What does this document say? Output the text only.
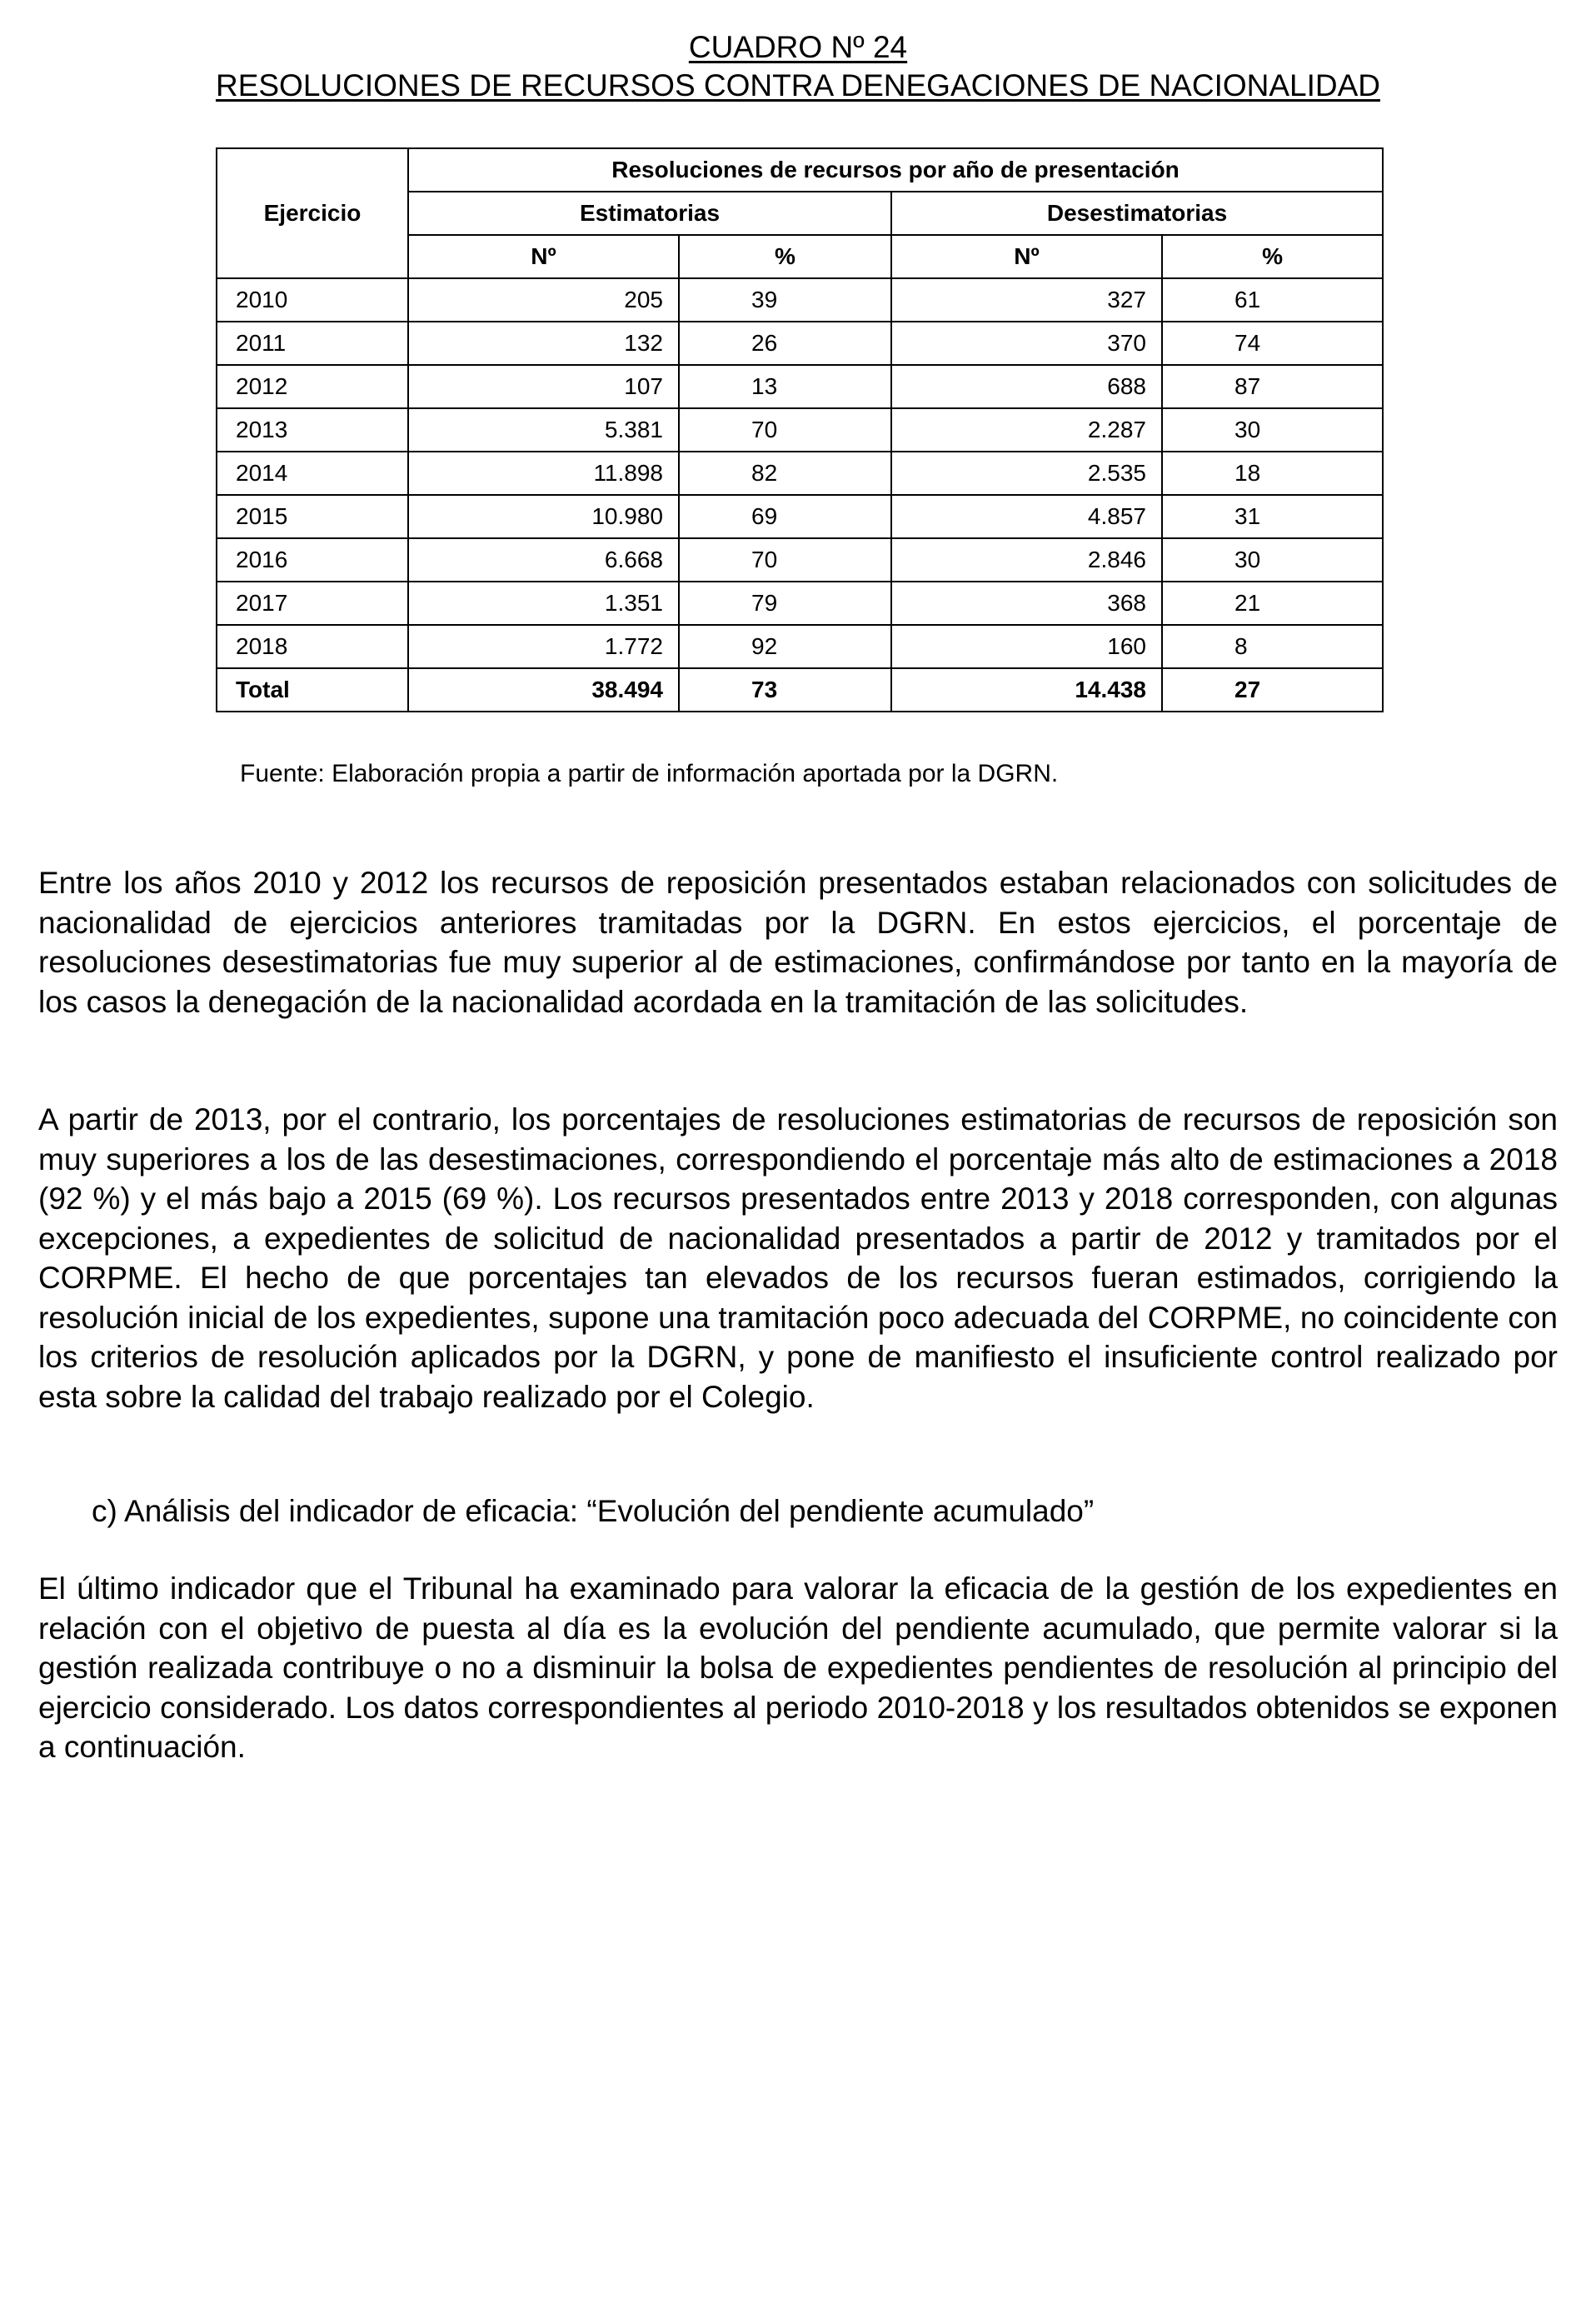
CUADRO Nº 24
RESOLUCIONES DE RECURSOS CONTRA DENEGACIONES DE NACIONALIDAD
Ejercicio	Resoluciones de recursos por año de presentación			
	Estimatorias		Desestimatorias	
	Nº	%	Nº	%
2010	205	39	327	61
2011	132	26	370	74
2012	107	13	688	87
2013	5.381	70	2.287	30
2014	11.898	82	2.535	18
2015	10.980	69	4.857	31
2016	6.668	70	2.846	30
2017	1.351	79	368	21
2018	1.772	92	160	8
Total	38.494	73	14.438	27
Fuente: Elaboración propia a partir de información aportada por la DGRN.

Entre los años 2010 y 2012 los recursos de reposición presentados estaban relacionados con solicitudes de nacionalidad de ejercicios anteriores tramitadas por la DGRN. En estos ejercicios, el porcentaje de resoluciones desestimatorias fue muy superior al de estimaciones, confirmándose por tanto en la mayoría de los casos la denegación de la nacionalidad acordada en la tramitación de las solicitudes.

A partir de 2013, por el contrario, los porcentajes de resoluciones estimatorias de recursos de reposición son muy superiores a los de las desestimaciones, correspondiendo el porcentaje más alto de estimaciones a 2018 (92 %) y el más bajo a 2015 (69 %). Los recursos presentados entre 2013 y 2018 corresponden, con algunas excepciones, a expedientes de solicitud de nacionalidad presentados a partir de 2012 y tramitados por el CORPME. El hecho de que porcentajes tan elevados de los recursos fueran estimados, corrigiendo la resolución inicial de los expedientes, supone una tramitación poco adecuada del CORPME, no coincidente con los criterios de resolución aplicados por la DGRN, y pone de manifiesto el insuficiente control realizado por esta sobre la calidad del trabajo realizado por el Colegio.

c) Análisis del indicador de eficacia: “Evolución del pendiente acumulado”

El último indicador que el Tribunal ha examinado para valorar la eficacia de la gestión de los expedientes en relación con el objetivo de puesta al día es la evolución del pendiente acumulado, que permite valorar si la gestión realizada contribuye o no a disminuir la bolsa de expedientes pendientes de resolución al principio del ejercicio considerado. Los datos correspondientes al periodo 2010-2018 y los resultados obtenidos se exponen a continuación.
